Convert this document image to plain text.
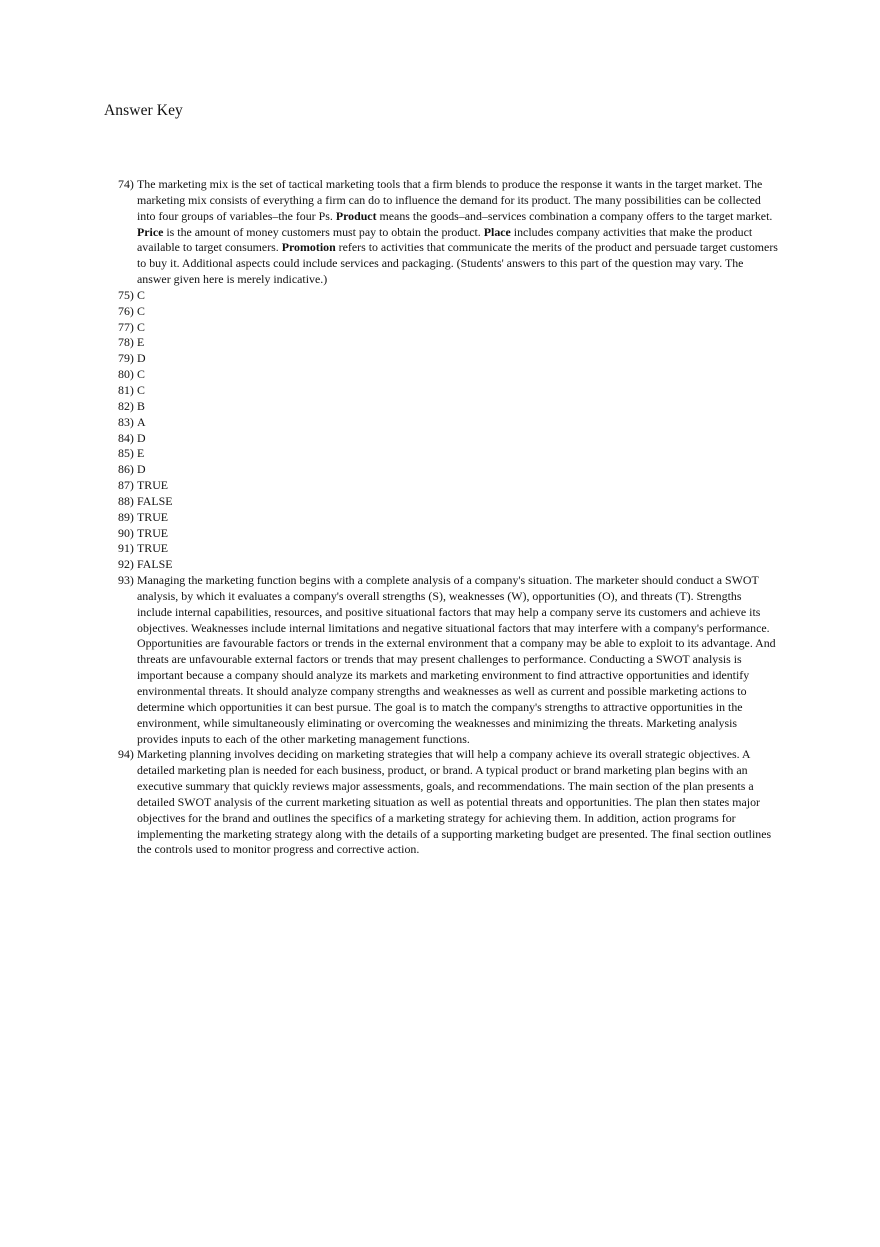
Answer Key
74) The marketing mix is the set of tactical marketing tools that a firm blends to produce the response it wants in the target market. The marketing mix consists of everything a firm can do to influence the demand for its product. The many possibilities can be collected into four groups of variables–the four Ps. Product means the goods–and–services combination a company offers to the target market. Price is the amount of money customers must pay to obtain the product. Place includes company activities that make the product available to target consumers. Promotion refers to activities that communicate the merits of the product and persuade target customers to buy it. Additional aspects could include services and packaging. (Students' answers to this part of the question may vary. The answer given here is merely indicative.)
75) C
76) C
77) C
78) E
79) D
80) C
81) C
82) B
83) A
84) D
85) E
86) D
87) TRUE
88) FALSE
89) TRUE
90) TRUE
91) TRUE
92) FALSE
93) Managing the marketing function begins with a complete analysis of a company's situation. The marketer should conduct a SWOT analysis, by which it evaluates a company's overall strengths (S), weaknesses (W), opportunities (O), and threats (T). Strengths include internal capabilities, resources, and positive situational factors that may help a company serve its customers and achieve its objectives. Weaknesses include internal limitations and negative situational factors that may interfere with a company's performance. Opportunities are favourable factors or trends in the external environment that a company may be able to exploit to its advantage. And threats are unfavourable external factors or trends that may present challenges to performance. Conducting a SWOT analysis is important because a company should analyze its markets and marketing environment to find attractive opportunities and identify environmental threats. It should analyze company strengths and weaknesses as well as current and possible marketing actions to determine which opportunities it can best pursue. The goal is to match the company's strengths to attractive opportunities in the environment, while simultaneously eliminating or overcoming the weaknesses and minimizing the threats. Marketing analysis provides inputs to each of the other marketing management functions.
94) Marketing planning involves deciding on marketing strategies that will help a company achieve its overall strategic objectives. A detailed marketing plan is needed for each business, product, or brand. A typical product or brand marketing plan begins with an executive summary that quickly reviews major assessments, goals, and recommendations. The main section of the plan presents a detailed SWOT analysis of the current marketing situation as well as potential threats and opportunities. The plan then states major objectives for the brand and outlines the specifics of a marketing strategy for achieving them. In addition, action programs for implementing the marketing strategy along with the details of a supporting marketing budget are presented. The final section outlines the controls used to monitor progress and corrective action.
